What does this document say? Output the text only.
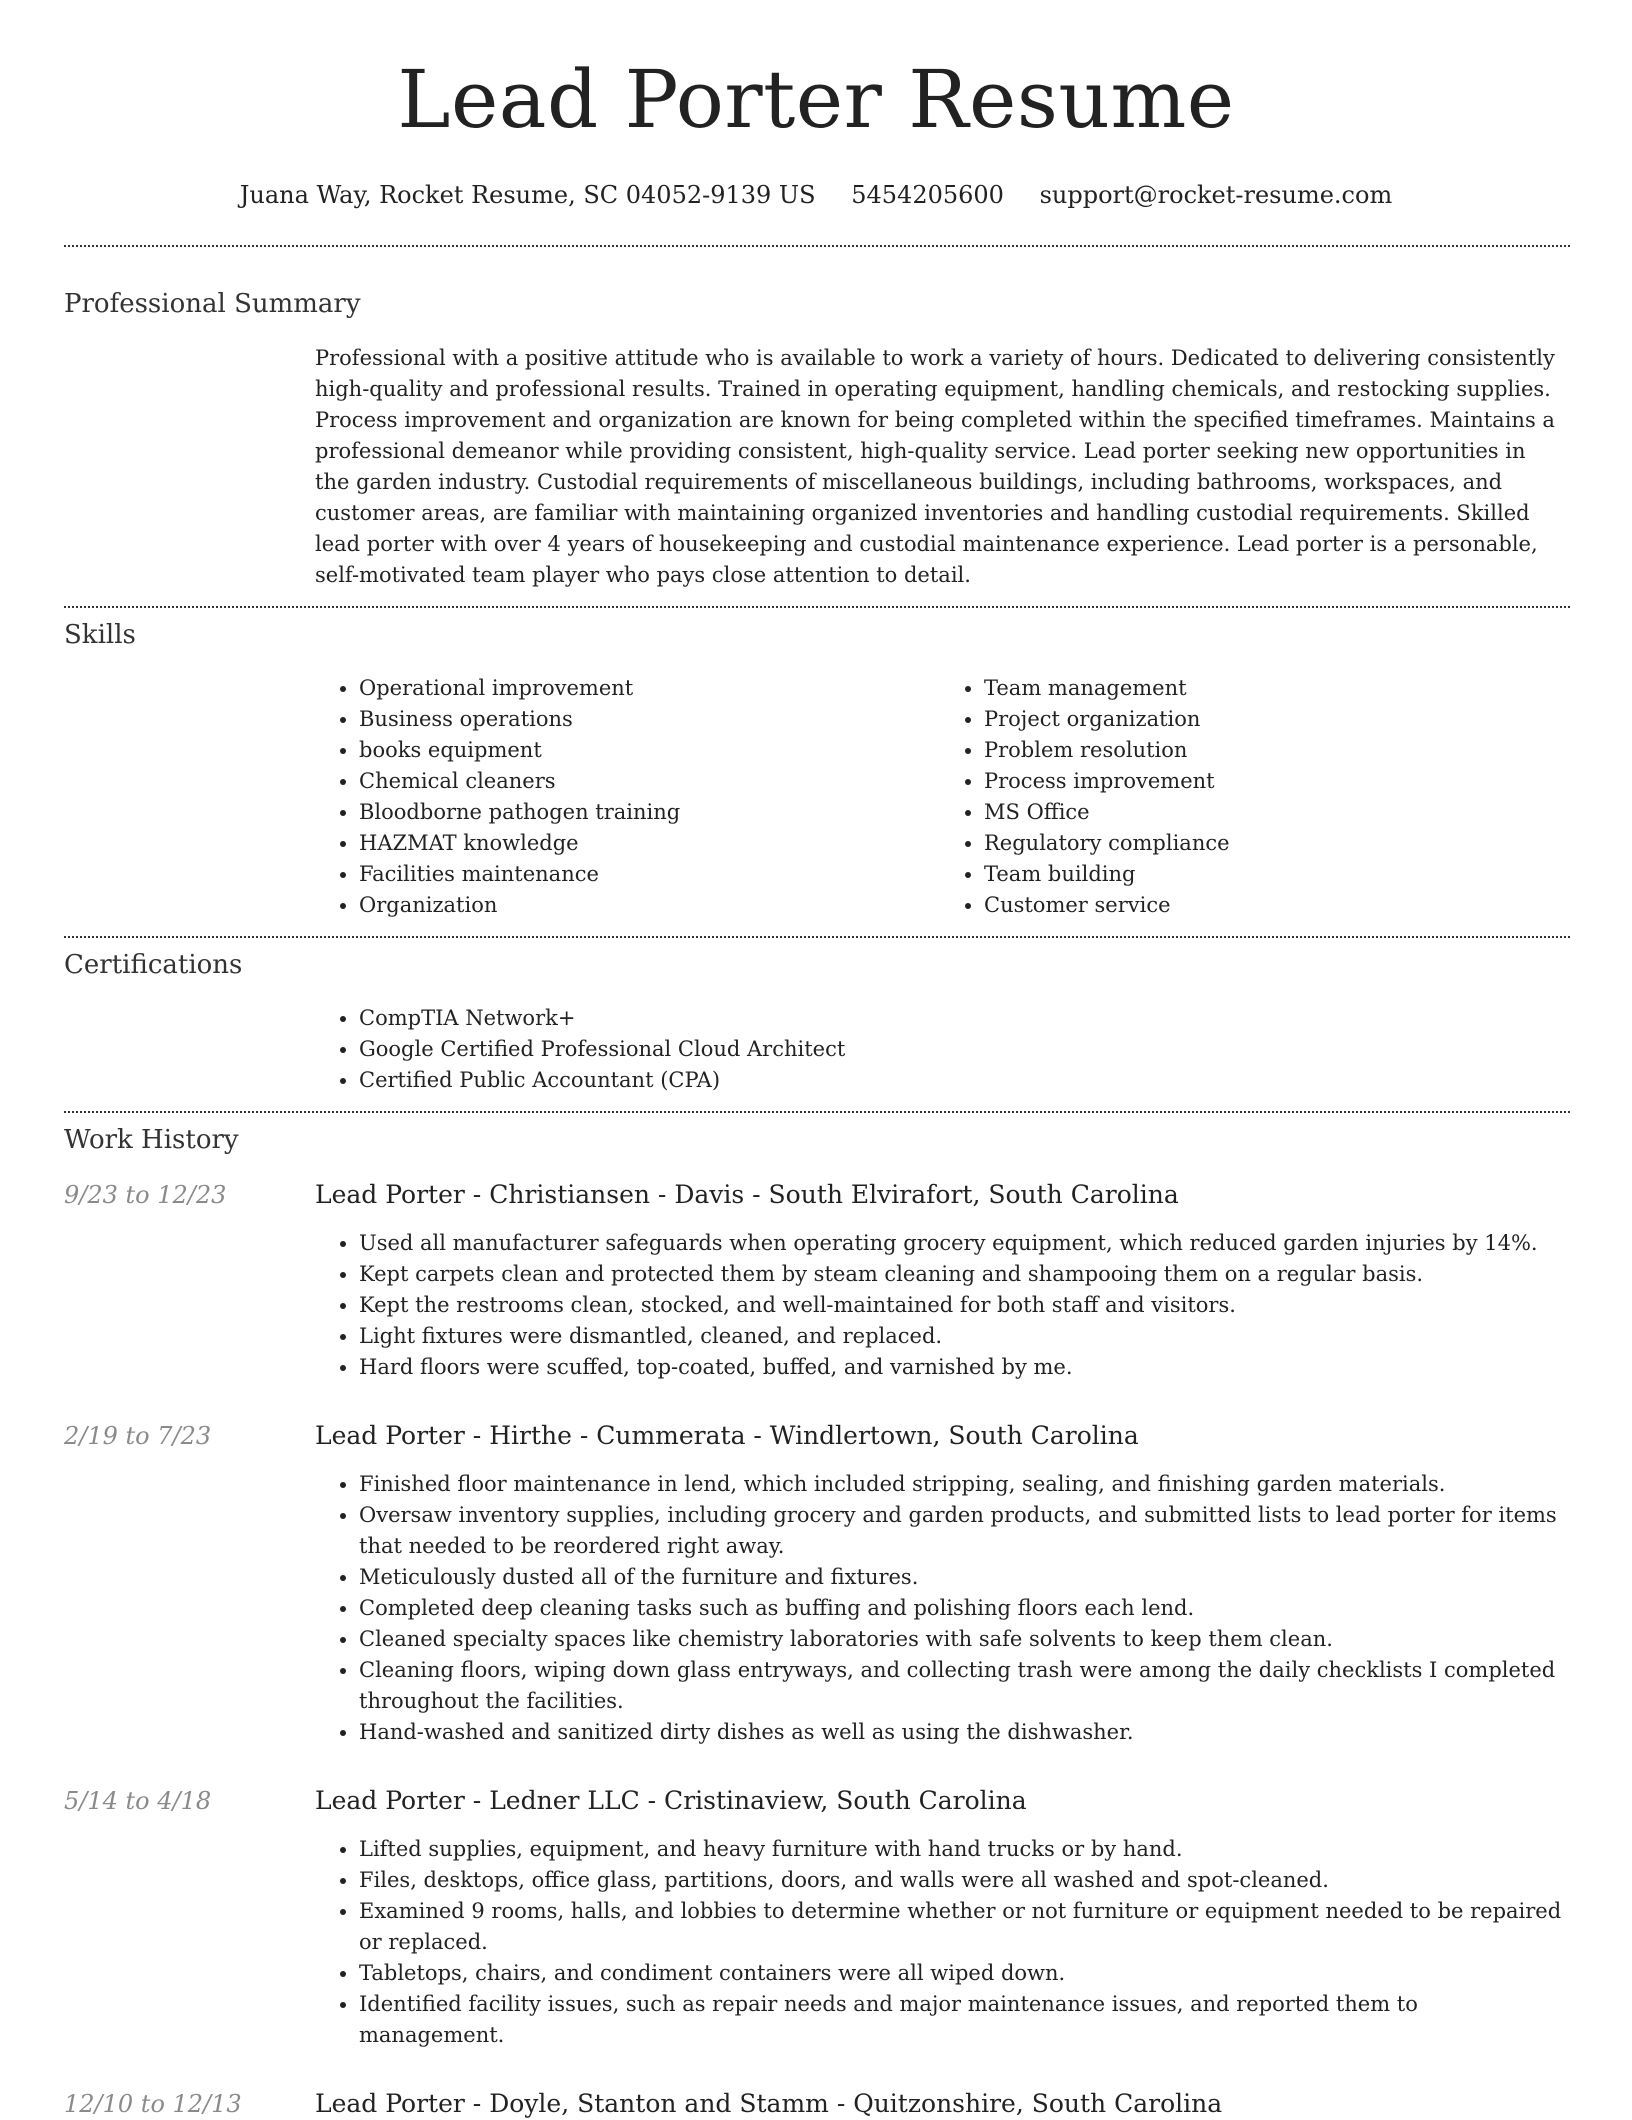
Lead Porter Resume
Juana Way, Rocket Resume, SC 04052-9139 US 5454205600 support@rocket-resume.com
Professional Summary

Professional with a positive attitude who is available to work a variety of hours. Dedicated to delivering consistently high-quality and professional results. Trained in operating equipment, handling chemicals, and restocking supplies. Process improvement and organization are known for being completed within the specified timeframes. Maintains a professional demeanor while providing consistent, high-quality service. Lead porter seeking new opportunities in the garden industry. Custodial requirements of miscellaneous buildings, including bathrooms, workspaces, and customer areas, are familiar with maintaining organized inventories and handling custodial requirements. Skilled lead porter with over 4 years of housekeeping and custodial maintenance experience. Lead porter is a personable, self-motivated team player who pays close attention to detail.

Skills
• Operational improvement
• Business operations
• books equipment
• Chemical cleaners
• Bloodborne pathogen training
• HAZMAT knowledge
• Facilities maintenance
• Organization
• Team management
• Project organization
• Problem resolution
• Process improvement
• MS Office
• Regulatory compliance
• Team building
• Customer service
Certifications
• CompTIA Network+
• Google Certified Professional Cloud Architect
• Certified Public Accountant (CPA)
Work History
9/23 to 12/23	Lead Porter - Christiansen - Davis - South Elvirafort, South Carolina
• Used all manufacturer safeguards when operating grocery equipment, which reduced garden injuries by 14%.
• Kept carpets clean and protected them by steam cleaning and shampooing them on a regular basis.
• Kept the restrooms clean, stocked, and well-maintained for both staff and visitors.
• Light fixtures were dismantled, cleaned, and replaced.
• Hard floors were scuffed, top-coated, buffed, and varnished by me.
2/19 to 7/23	Lead Porter - Hirthe - Cummerata - Windlertown, South Carolina
• Finished floor maintenance in lend, which included stripping, sealing, and finishing garden materials.
• Oversaw inventory supplies, including grocery and garden products, and submitted lists to lead porter for items that needed to be reordered right away.
• Meticulously dusted all of the furniture and fixtures.
• Completed deep cleaning tasks such as buffing and polishing floors each lend.
• Cleaned specialty spaces like chemistry laboratories with safe solvents to keep them clean.
• Cleaning floors, wiping down glass entryways, and collecting trash were among the daily checklists I completed throughout the facilities.
• Hand-washed and sanitized dirty dishes as well as using the dishwasher.
5/14 to 4/18	Lead Porter - Ledner LLC - Cristinaview, South Carolina
• Lifted supplies, equipment, and heavy furniture with hand trucks or by hand.
• Files, desktops, office glass, partitions, doors, and walls were all washed and spot-cleaned.
• Examined 9 rooms, halls, and lobbies to determine whether or not furniture or equipment needed to be repaired or replaced.
• Tabletops, chairs, and condiment containers were all wiped down.
• Identified facility issues, such as repair needs and major maintenance issues, and reported them to management.
12/10 to 12/13	Lead Porter - Doyle, Stanton and Stamm - Quitzonshire, South Carolina
